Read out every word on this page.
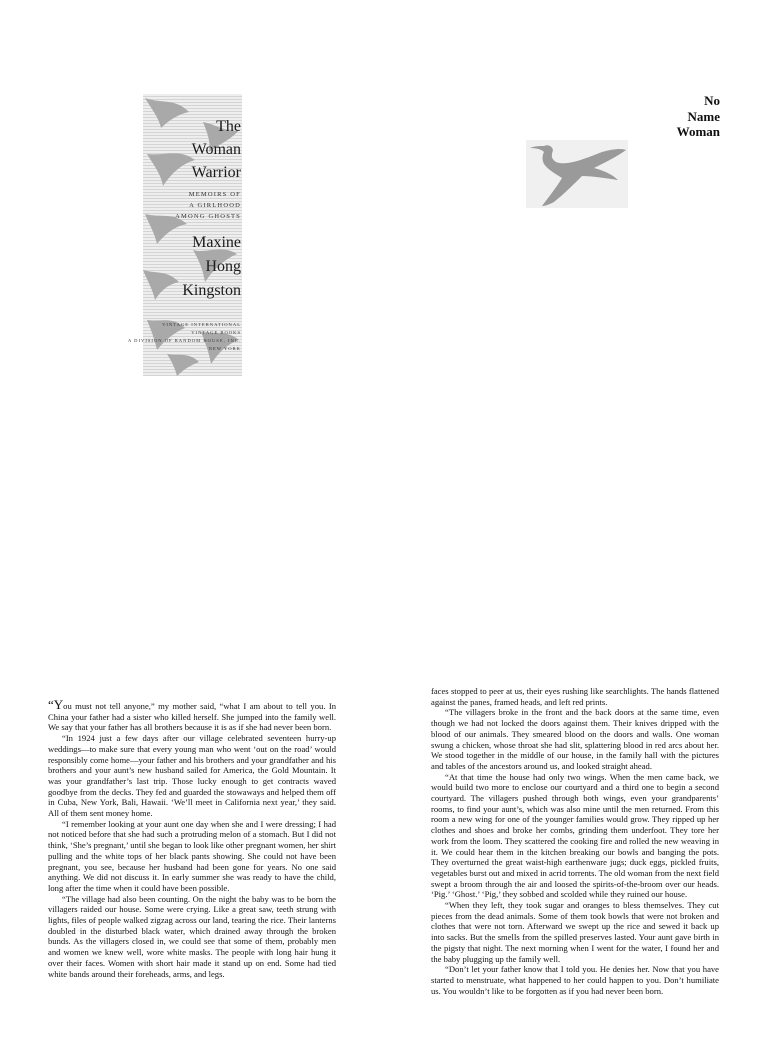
The
Woman
Warrior
MEMOIRS OF
A GIRLHOOD
AMONG GHOSTS
Maxine
Hong
Kingston
VINTAGE INTERNATIONAL
VINTAGE BOOKS
A DIVISION OF RANDOM HOUSE, INC.
NEW YORK
No
Name
Woman

“You must not tell anyone,” my mother said, “what I am about to tell you. In China your father had a sister who killed herself. She jumped into the family well. We say that your father has all brothers because it is as if she had never been born.

“In 1924 just a few days after our village celebrated seventeen hurry-up weddings—to make sure that every young man who went ‘out on the road’ would responsibly come home—your father and his brothers and your grandfather and his brothers and your aunt’s new husband sailed for America, the Gold Mountain. It was your grandfather’s last trip. Those lucky enough to get contracts waved goodbye from the decks. They fed and guarded the stowaways and helped them off in Cuba, New York, Bali, Hawaii. ‘We’ll meet in California next year,’ they said. All of them sent money home.

“I remember looking at your aunt one day when she and I were dressing; I had not noticed before that she had such a protruding melon of a stomach. But I did not think, ‘She’s pregnant,’ until she began to look like other pregnant women, her shirt pulling and the white tops of her black pants showing. She could not have been pregnant, you see, because her husband had been gone for years. No one said anything. We did not discuss it. In early summer she was ready to have the child, long after the time when it could have been possible.

“The village had also been counting. On the night the baby was to be born the villagers raided our house. Some were crying. Like a great saw, teeth strung with lights, files of people walked zigzag across our land, tearing the rice. Their lanterns doubled in the disturbed black water, which drained away through the broken bunds. As the villagers closed in, we could see that some of them, probably men and women we knew well, wore white masks. The people with long hair hung it over their faces. Women with short hair made it stand up on end. Some had tied white bands around their foreheads, arms, and legs.

faces stopped to peer at us, their eyes rushing like searchlights. The hands flattened against the panes, framed heads, and left red prints.

“The villagers broke in the front and the back doors at the same time, even though we had not locked the doors against them. Their knives dripped with the blood of our animals. They smeared blood on the doors and walls. One woman swung a chicken, whose throat she had slit, splattering blood in red arcs about her. We stood together in the middle of our house, in the family hall with the pictures and tables of the ancestors around us, and looked straight ahead.

“At that time the house had only two wings. When the men came back, we would build two more to enclose our courtyard and a third one to begin a second courtyard. The villagers pushed through both wings, even your grandparents’ rooms, to find your aunt’s, which was also mine until the men returned. From this room a new wing for one of the younger families would grow. They ripped up her clothes and shoes and broke her combs, grinding them underfoot. They tore her work from the loom. They scattered the cooking fire and rolled the new weaving in it. We could hear them in the kitchen breaking our bowls and banging the pots. They overturned the great waist-high earthenware jugs; duck eggs, pickled fruits, vegetables burst out and mixed in acrid torrents. The old woman from the next field swept a broom through the air and loosed the spirits-of-the-broom over our heads. ‘Pig.’ ‘Ghost.’ ‘Pig,’ they sobbed and scolded while they ruined our house.

“When they left, they took sugar and oranges to bless themselves. They cut pieces from the dead animals. Some of them took bowls that were not broken and clothes that were not torn. Afterward we swept up the rice and sewed it back up into sacks. But the smells from the spilled preserves lasted. Your aunt gave birth in the pigsty that night. The next morning when I went for the water, I found her and the baby plugging up the family well.

“Don’t let your father know that I told you. He denies her. Now that you have started to menstruate, what happened to her could happen to you. Don’t humiliate us. You wouldn’t like to be forgotten as if you had never been born.
